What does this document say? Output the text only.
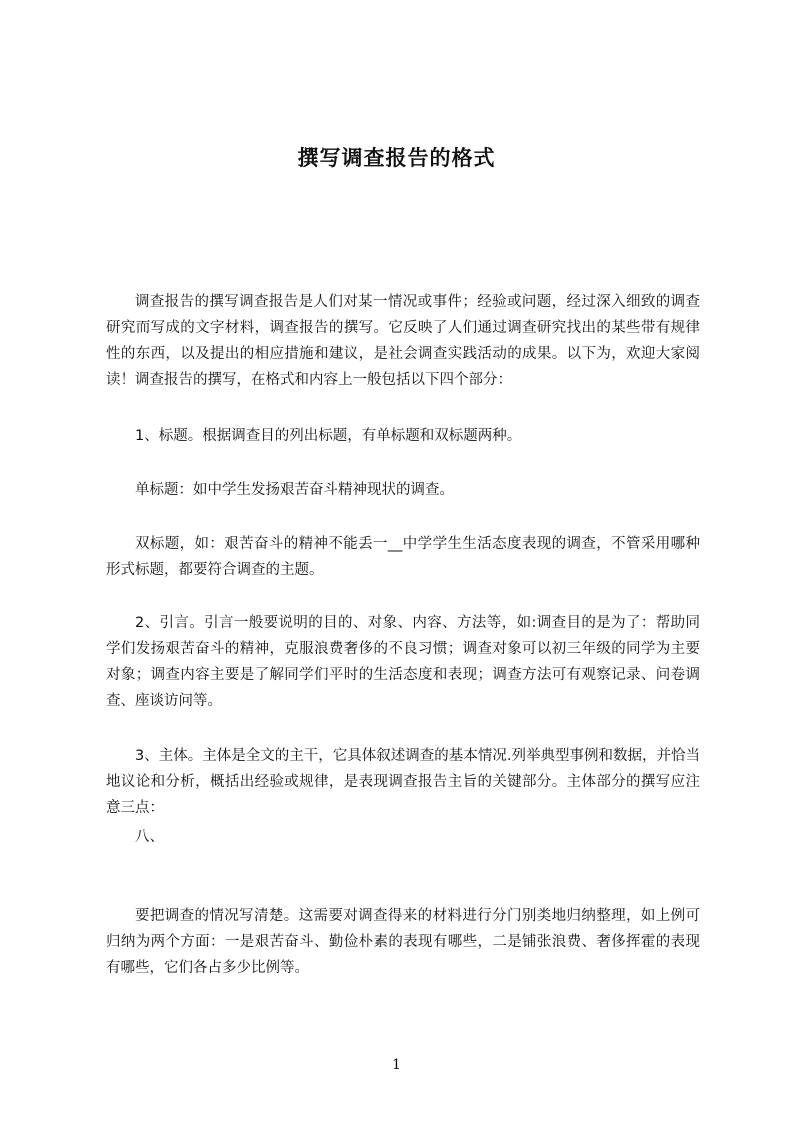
撰写调查报告的格式

调查报告的撰写调查报告是人们对某一情况或事件；经验或问题，经过深入细致的调查研究而写成的文字材料，调查报告的撰写。它反映了人们通过调查研究找出的某些带有规律性的东西，以及提出的相应措施和建议，是社会调查实践活动的成果。以下为，欢迎大家阅读！调查报告的撰写，在格式和内容上一般包括以下四个部分：

1、标题。根据调查目的列出标题，有单标题和双标题两种。

单标题：如中学生发扬艰苦奋斗精神现状的调查。

双标题，如：艰苦奋斗的精神不能丢一__中学学生生活态度表现的调查，不管采用哪种形式标题，都要符合调查的主题。

2、引言。引言一般要说明的目的、对象、内容、方法等，如:调查目的是为了：帮助同学们发扬艰苦奋斗的精神，克服浪费奢侈的不良习惯；调查对象可以初三年级的同学为主要对象；调查内容主要是了解同学们平时的生活态度和表现；调查方法可有观察记录、问卷调查、座谈访问等。

3、主体。主体是全文的主干，它具体叙述调查的基本情况.列举典型事例和数据，并恰当地议论和分析，概括出经验或规律，是表现调查报告主旨的关键部分。主体部分的撰写应注意三点：

八、

要把调查的情况写清楚。这需要对调查得来的材料进行分门别类地归纳整理，如上例可归纳为两个方面：一是艰苦奋斗、勤俭朴素的表现有哪些，二是铺张浪费、奢侈挥霍的表现有哪些，它们各占多少比例等。

1
